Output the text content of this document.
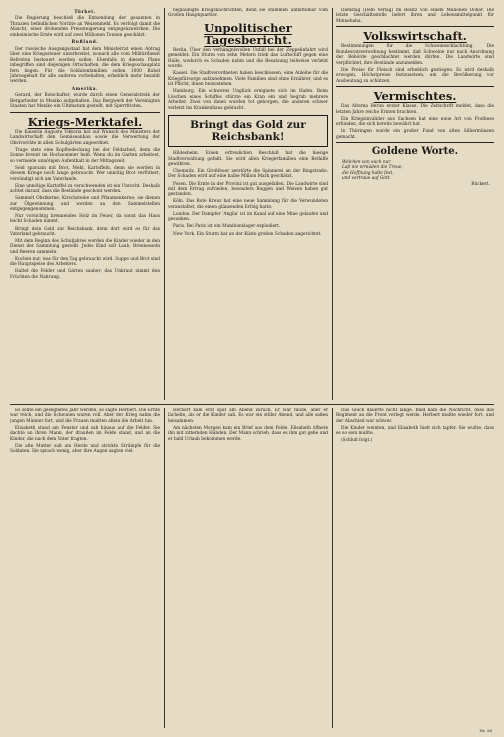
Türkei.

Die Regierung beschloß die Entsendung der gesamten in Thrazien befindlichen Vorräte an Weizenmehl. Es verfolgt damit die Absicht, einer drohenden Preissteigerung entgegenzuwirken. Die einheimische Ernte wird auf zwei Millionen Tonnen geschätzt.

Rußland.

Der russische Ausgangsstaat hat dem Ministerrat einen Antrag über eine Kriegssteuer unterbreitet, wonach alle vom Militärdienst Befreiten besteuert werden sollen. Ebenfalls in diesem Plane inbegriffen sind diejenigen Ortschaften, die dem Kriegsschauplatz fern liegen. Für die Soldatenfamilien sollen 1000 Rubel Jahresgehalt für alle anderen vorbehalten, erheblich mehr bezahlt werden.

Amerika.

Gerard, der Botschafter, wurde durch einen Generalstreik der Bergarbeiter in Mexiko aufgehalten. Das Bergwerk der Vereinigten Staaten hat Mexiko ein Ultimatum gestellt, mit Sperrfristen.

Kriegs-Merktafel.

Die Kaiserin Auguste Viktoria hat auf Wunsch des Ministers der Landwirtschaft den Gemüseanbau sowie die Verwertung der Obstvorräte in allen Schulgärten angeordnet.

Trage stets eine Kopfbedeckung bei der Feldarbeit, denn die Sonne brennt im Hochsommer heiß. Wenn du im Garten arbeitest, so vermeide unnötigen Aufenthalt in der Mittagszeit.

Seid sparsam mit Brot, Mehl, Kartoffeln, denn sie werden in diesem Kriege noch lange gebraucht. Wer unnötig Brot verfüttert, versündigt sich am Vaterlande.

Eine unnötige Kartoffel zu verschwenden ist ein Unrecht. Deshalb achtet darauf, dass die Bestände geschont werden.

Sammelt Obstkerne, Kirschsteine und Pflaumenkerne; sie dienen zur Ölgewinnung und werden an den Sammelstellen entgegengenommen.

Nur vorsichtig brennendes Holz im Feuer, da sonst das Haus leicht Schaden nimmt.

Bringt dein Gold zur Reichsbank, denn dort wird es für das Vaterland gebraucht.

Mit dem Beginn des Schuljahres werden die Kinder wieder in den Dienst der Sammlung gestellt. Jedes Kind soll Laub, Brennesseln und Beeren sammeln.

Kochen nur, was für den Tag gebraucht wird. Suppe und Brot sind die Hauptspeise des Arbeiters.

Haltet die Felder und Gärten sauber; das Unkraut nimmt den Früchten die Nahrung.

beglaubigte Kriegsnachrichten, denn sie stammen unmittelbar vom Großen Hauptquartier.

Unpolitischer Tagesbericht.

Berlin. Über den verhängnisvollen Unfall bei der Zeppelinfahrt wird gemeldet: Ein Sturm von zehn Metern trieb das Luftschiff gegen eine Halle, wodurch es Schaden nahm und die Besatzung teilweise verletzt wurde.

Kassel. Die Stadtverordneten haben beschlossen, eine Anleihe für die Kriegsfürsorge aufzunehmen. Viele Familien sind ohne Ernährer, und es ist Pflicht, ihnen beizustehen.

Hamburg. Ein schweres Unglück ereignete sich im Hafen. Beim Löschen eines Schiffes stürzte ein Kran ein und begrub mehrere Arbeiter. Zwei von ihnen wurden tot geborgen, die anderen schwer verletzt ins Krankenhaus gebracht.

Bringt das Gold zur Reichsbank!

Hildesheim. Einen erfreulichen Beschluß hat die hiesige Stadtverwaltung gefaßt. Sie wird allen Kriegerfamilien eine Beihilfe gewähren.

Chemnitz. Ein Großfeuer zerstörte die Spinnerei an der Ringstraße. Der Schaden wird auf eine halbe Million Mark geschätzt.

Posen. Die Ernte in der Provinz ist gut ausgefallen. Die Landwirte sind mit dem Ertrag zufrieden, besonders Roggen und Weizen haben gut gestanden.

Köln. Das Rote Kreuz hat eine neue Sammlung für die Verwundeten veranstaltet, die einen glänzenden Erfolg hatte.

London. Der Dampfer 'Anglia' ist im Kanal auf eine Mine gelaufen und gesunken.

Paris. Bei Paris ist ein Munitionslager explodiert.

New York. Ein Sturm hat an der Küste großen Schaden angerichtet.

Dienstag (Dem Verlag) im Besitz von einem Millionen Dollar. Die letzte Geschäftsstelle liefert ihren und Lebensmittelpunkt für Minnehaha.

Volkswirtschaft.

Bestimmungen für die Schweineschlachtung. Die Bundesratsverordnung bestimmt, daß Schweine nur nach Anordnung der Behörde geschlachtet werden dürfen. Die Landwirte sind verpflichtet, ihre Bestände anzumelden.

Die Preise für Fleisch sind erheblich gestiegen. Es wird deshalb erwogen, Höchstpreise festzusetzen, um die Bevölkerung vor Ausbeutung zu schützen.

Vermischtes.

Das Alterna Berun erster Klasse. Die Zeitschrift meldet, dass die letzten Jahre reiche Ernten brachten.

Ein Kriegsinvalider aus Sachsen hat eine neue Art von Prothese erfunden, die sich bereits bewährt hat.

In Thüringen wurde ein großer Fund von alten Silbermünzen gemacht.

Goldene Worte.
Welchen von euch nur
Laß nie ermüden die Treue,
die Hoffnung halte fest,
und vertraue auf Gott.
Rückert.

Es sollte ein gesegnetes Jahr werden, so sagte Herbert. Die Ernte war reich, und die Scheunen waren voll. Aber der Krieg nahm die jungen Männer fort, und die Frauen mußten allein die Arbeit tun.

Elisabeth stand am Fenster und sah hinaus auf die Felder. Sie dachte an ihren Mann, der draußen im Felde stand, und an die Kinder, die nach dem Vater fragten.

Die alte Mutter saß am Herde und strickte Strümpfe für die Soldaten. Sie sprach wenig, aber ihre Augen sagten viel.

Herbert kam erst spät am Abend zurück. Er war müde, aber er lächelte, als er die Kinder sah. Es war ein stiller Abend, und alle saßen beisammen.

Am nächsten Morgen kam ein Brief aus dem Felde. Elisabeth öffnete ihn mit zitternden Händen. Der Mann schrieb, dass es ihm gut gehe und er bald Urlaub bekommen werde.

Das Glück dauerte nicht lange. Bald kam die Nachricht, dass das Regiment an die Front verlegt werde. Herbert mußte wieder fort, und der Abschied war schwer.

Die Kinder weinten, und Elisabeth hielt sich tapfer. Sie wußte, dass es so sein mußte.

(Schluß folgt.)

Nr. 26
